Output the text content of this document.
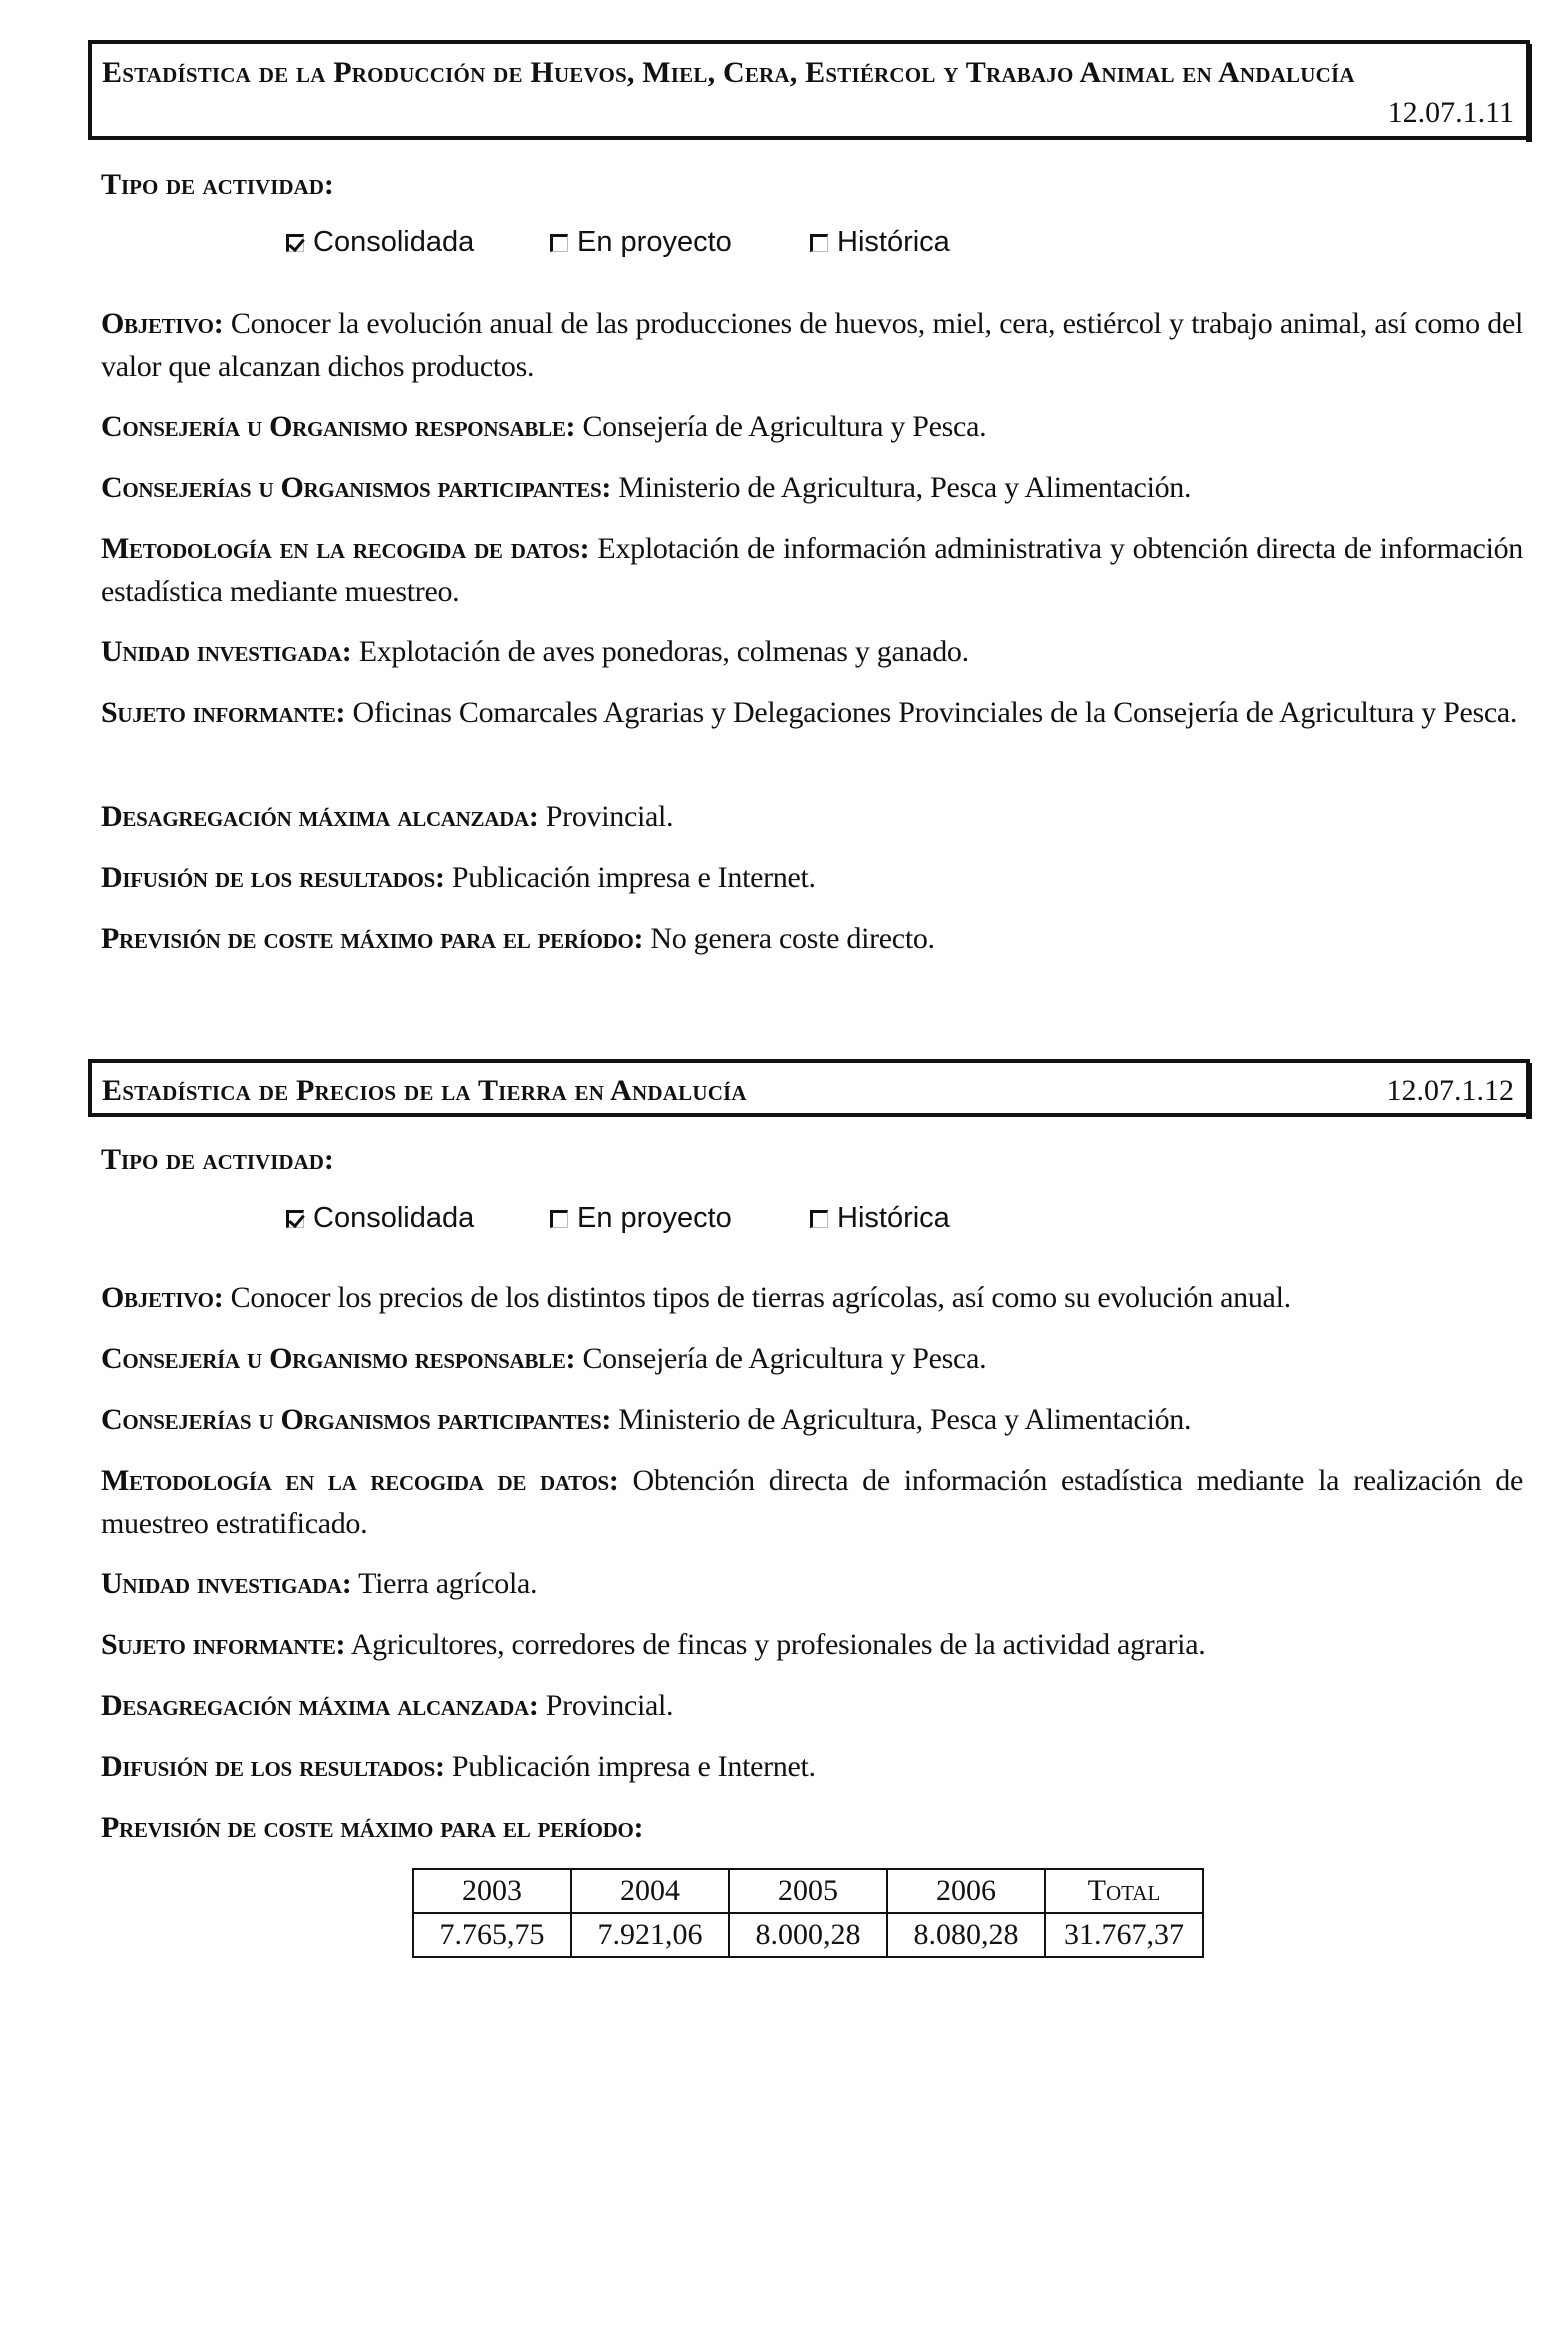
Estadística de la Producción de Huevos, Miel, Cera, Estiércol y Trabajo Animal en Andalucía
12.07.1.11
Tipo de actividad:
Consolidada	En proyecto	Histórica
Objetivo: Conocer la evolución anual de las producciones de huevos, miel, cera, estiércol y trabajo animal, así como del valor que alcanzan dichos productos.
Consejería u Organismo responsable: Consejería de Agricultura y Pesca.
Consejerías u Organismos participantes: Ministerio de Agricultura, Pesca y Alimentación.
Metodología en la recogida de datos: Explotación de información administrativa y obtención directa de información estadística mediante muestreo.
Unidad investigada: Explotación de aves ponedoras, colmenas y ganado.
Sujeto informante: Oficinas Comarcales Agrarias y Delegaciones Provinciales de la Consejería de Agricultura y Pesca.
Desagregación máxima alcanzada: Provincial.
Difusión de los resultados: Publicación impresa e Internet.
Previsión de coste máximo para el período: No genera coste directo.
Estadística de Precios de la Tierra en Andalucía	12.07.1.12
Tipo de actividad:
Consolidada	En proyecto	Histórica
Objetivo: Conocer los precios de los distintos tipos de tierras agrícolas, así como su evolución anual.
Consejería u Organismo responsable: Consejería de Agricultura y Pesca.
Consejerías u Organismos participantes: Ministerio de Agricultura, Pesca y Alimentación.
Metodología en la recogida de datos: Obtención directa de información estadística mediante la realización de muestreo estratificado.
Unidad investigada: Tierra agrícola.
Sujeto informante: Agricultores, corredores de fincas y profesionales de la actividad agraria.
Desagregación máxima alcanzada: Provincial.
Difusión de los resultados: Publicación impresa e Internet.
Previsión de coste máximo para el período:
2003	2004	2005	2006	Total
7.765,75	7.921,06	8.000,28	8.080,28	31.767,37
